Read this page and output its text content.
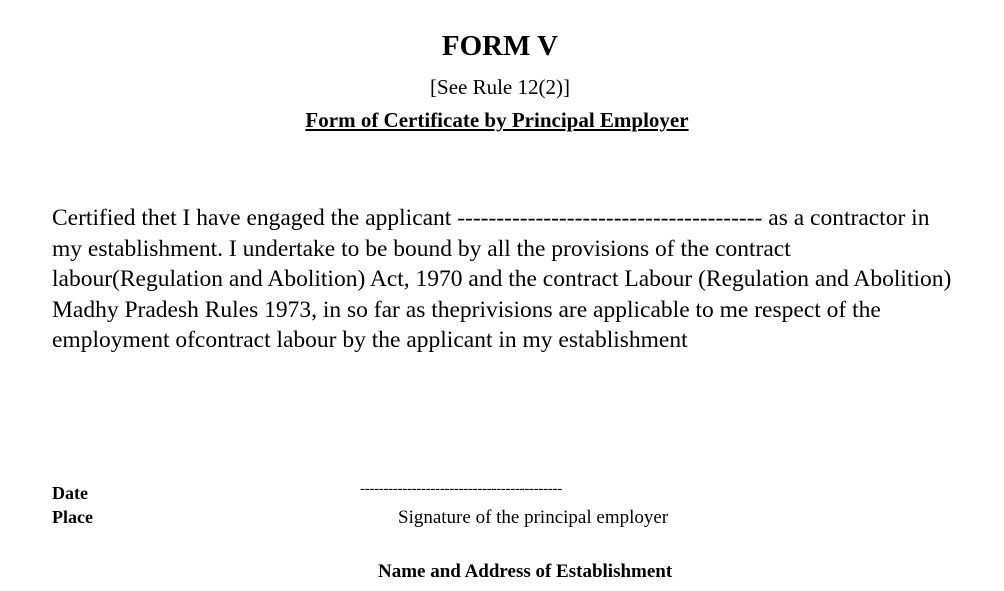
FORM V

[See Rule 12(2)]

Form of Certificate by Principal Employer

Certified thet I have engaged the applicant --------------------------------------- as a contractor in my establishment. I undertake to be bound by all the provisions of the contract labour(Regulation and Abolition) Act, 1970 and the contract Labour (Regulation and Abolition) Madhy Pradesh Rules 1973, in so far as theprivisions are applicable to me respect of the employment ofcontract labour by the applicant in my establishment

Date
Place
-------------------------------------------
Signature of the principal employer
Name and Address of Establishment
